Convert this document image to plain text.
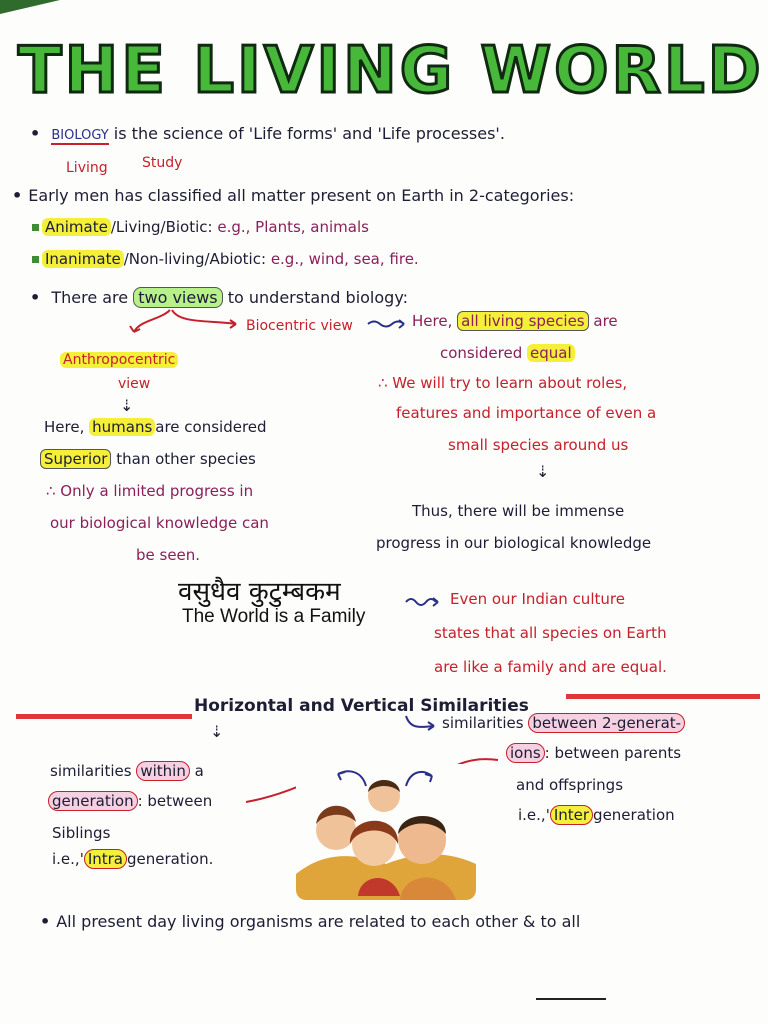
THE LIVING WORLD
• BIOLOGY is the science of 'Life forms' and 'Life processes'.
Living Study
• Early men has classified all matter present on Earth in 2-categories:
Animate /Living/Biotic: e.g., Plants, animals
Inanimate /Non-living/Abiotic: e.g., wind, sea, fire.
• There are two views to understand biology:
Biocentric view	Here, all living species are
considered equal
∴ We will try to learn about roles,
features and importance of even a
small species around us
⇣
Thus, there will be immense
progress in our biological knowledge
Anthropocentric
view
⇣
Here, humans are considered
Superior than other species
∴ Only a limited progress in
our biological knowledge can
be seen.
वसुधैव कुटुम्बकम
The World is a Family
Even our Indian culture
states that all species on Earth
are like a family and are equal.
Horizontal and Vertical Similarities
⇣	similarities between 2-generat-
ions : between parents
and offsprings
i.e.,' Inter generation
similarities within a
generation : between
Siblings
i.e.,' Intra generation.
• All present day living organisms are related to each other & to all
